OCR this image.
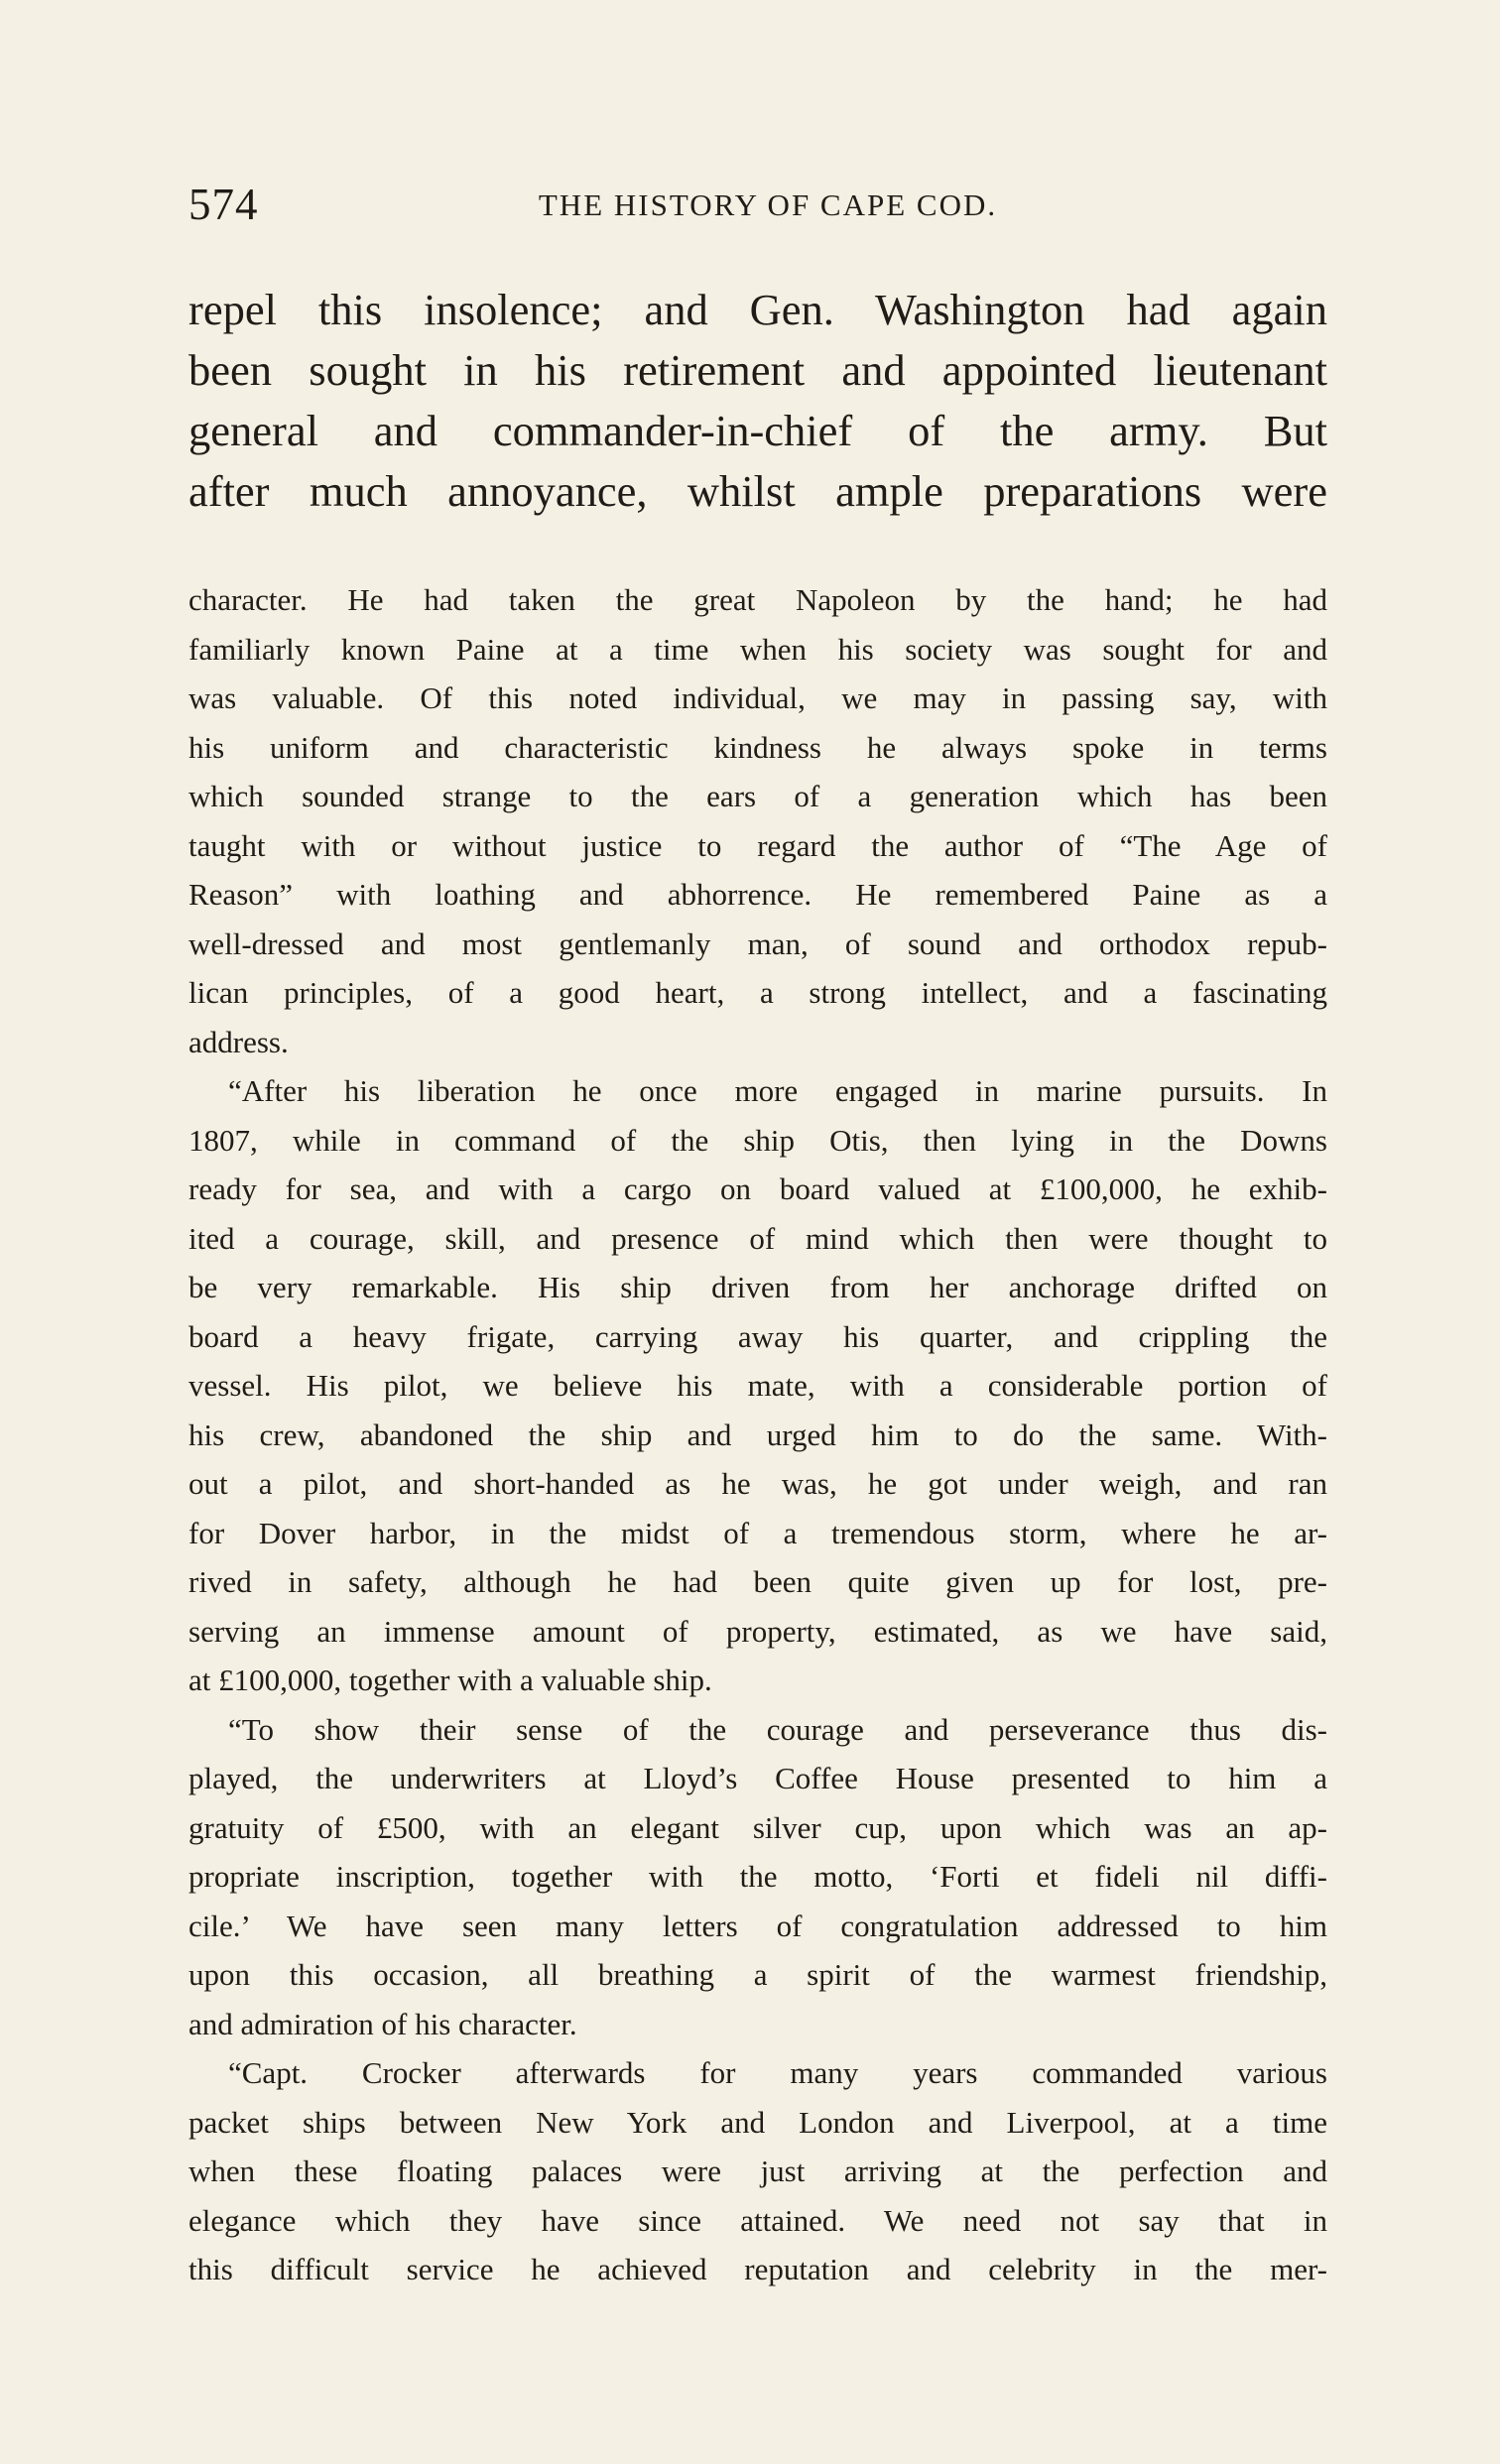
574	THE HISTORY OF CAPE COD.
repel this insolence; and Gen. Washington had again
been sought in his retirement and appointed lieutenant
general and commander-in-chief of the army. But
after much annoyance, whilst ample preparations were
character. He had taken the great Napoleon by the hand; he had
familiarly known Paine at a time when his society was sought for and
was valuable. Of this noted individual, we may in passing say, with
his uniform and characteristic kindness he always spoke in terms
which sounded strange to the ears of a generation which has been
taught with or without justice to regard the author of “The Age of
Reason” with loathing and abhorrence. He remembered Paine as a
well-dressed and most gentlemanly man, of sound and orthodox repub-
lican principles, of a good heart, a strong intellect, and a fascinating
address.
“After his liberation he once more engaged in marine pursuits. In
1807, while in command of the ship Otis, then lying in the Downs
ready for sea, and with a cargo on board valued at £100,000, he exhib-
ited a courage, skill, and presence of mind which then were thought to
be very remarkable. His ship driven from her anchorage drifted on
board a heavy frigate, carrying away his quarter, and crippling the
vessel. His pilot, we believe his mate, with a considerable portion of
his crew, abandoned the ship and urged him to do the same. With-
out a pilot, and short-handed as he was, he got under weigh, and ran
for Dover harbor, in the midst of a tremendous storm, where he ar-
rived in safety, although he had been quite given up for lost, pre-
serving an immense amount of property, estimated, as we have said,
at £100,000, together with a valuable ship.
“To show their sense of the courage and perseverance thus dis-
played, the underwriters at Lloyd’s Coffee House presented to him a
gratuity of £500, with an elegant silver cup, upon which was an ap-
propriate inscription, together with the motto, ‘Forti et fideli nil diffi-
cile.’ We have seen many letters of congratulation addressed to him
upon this occasion, all breathing a spirit of the warmest friendship,
and admiration of his character.
“Capt. Crocker afterwards for many years commanded various
packet ships between New York and London and Liverpool, at a time
when these floating palaces were just arriving at the perfection and
elegance which they have since attained. We need not say that in
this difficult service he achieved reputation and celebrity in the mer-
